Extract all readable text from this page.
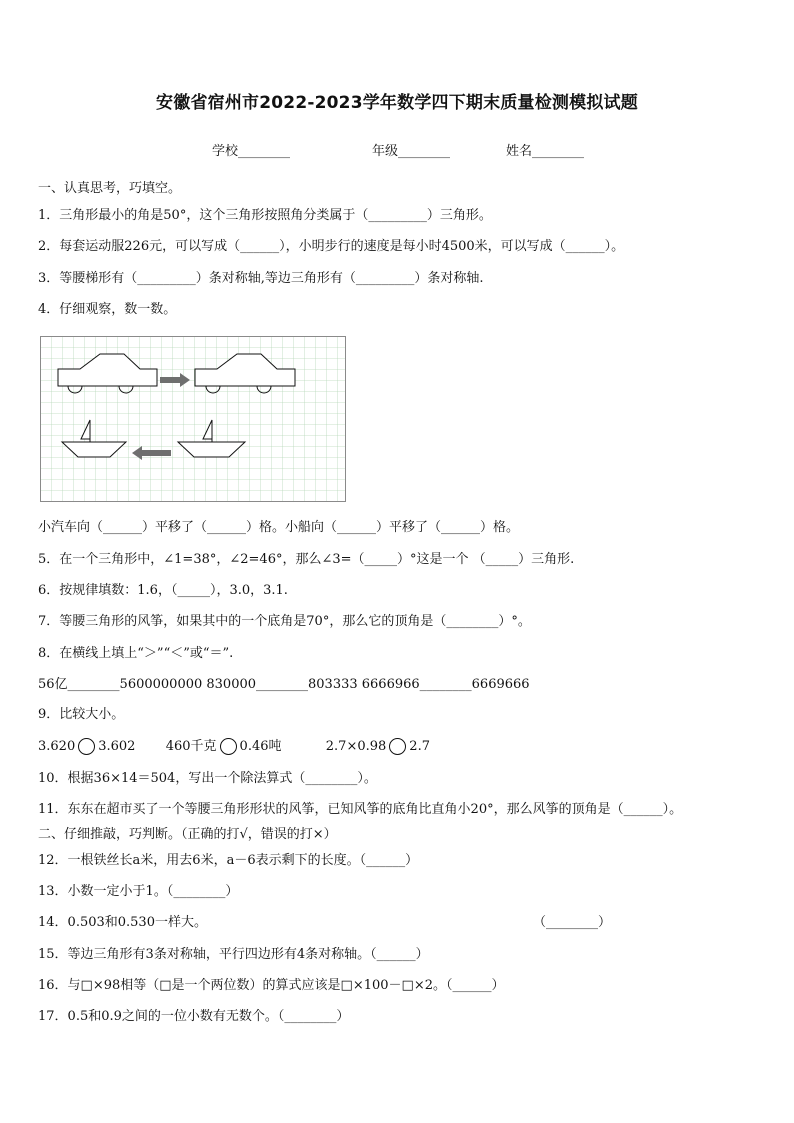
安徽省宿州市2022-2023学年数学四下期末质量检测模拟试题
学校________	年级________	姓名________
一、认真思考，巧填空。
1．三角形最小的角是50°，这个三角形按照角分类属于（_________）三角形。
2．每套运动服226元，可以写成（______），小明步行的速度是每小时4500米，可以写成（______）。
3．等腰梯形有（_________）条对称轴,等边三角形有（_________）条对称轴.
4．仔细观察，数一数。
小汽车向（______）平移了（______）格。小船向（______）平移了（______）格。
5．在一个三角形中，∠1=38°，∠2=46°，那么∠3=（_____）°这是一个 （_____）三角形.
6．按规律填数：1.6，（_____），3.0，3.1.
7．等腰三角形的风筝，如果其中的一个底角是70°，那么它的顶角是（________）°。
8．在横线上填上“＞”“＜”或“＝”.
56亿________5600000000 830000________803333 6666966________6669666
9．比较大小。
3.620 3.602 460千克 0.46吨	2.7×0.98 2.7
10．根据36×14＝504，写出一个除法算式（________）。
11．东东在超市买了一个等腰三角形形状的风筝，已知风筝的底角比直角小20°，那么风筝的顶角是（______）。
二、仔细推敲，巧判断。（正确的打√，错误的打×）
12．一根铁丝长a米，用去6米，a－6表示剩下的长度。（______）
13．小数一定小于1。（________）
14．0.503和0.530一样大。	（________）
15．等边三角形有3条对称轴，平行四边形有4条对称轴。（______）
16．与□×98相等（□是一个两位数）的算式应该是□×100－□×2。（______）
17．0.5和0.9之间的一位小数有无数个。（________）
